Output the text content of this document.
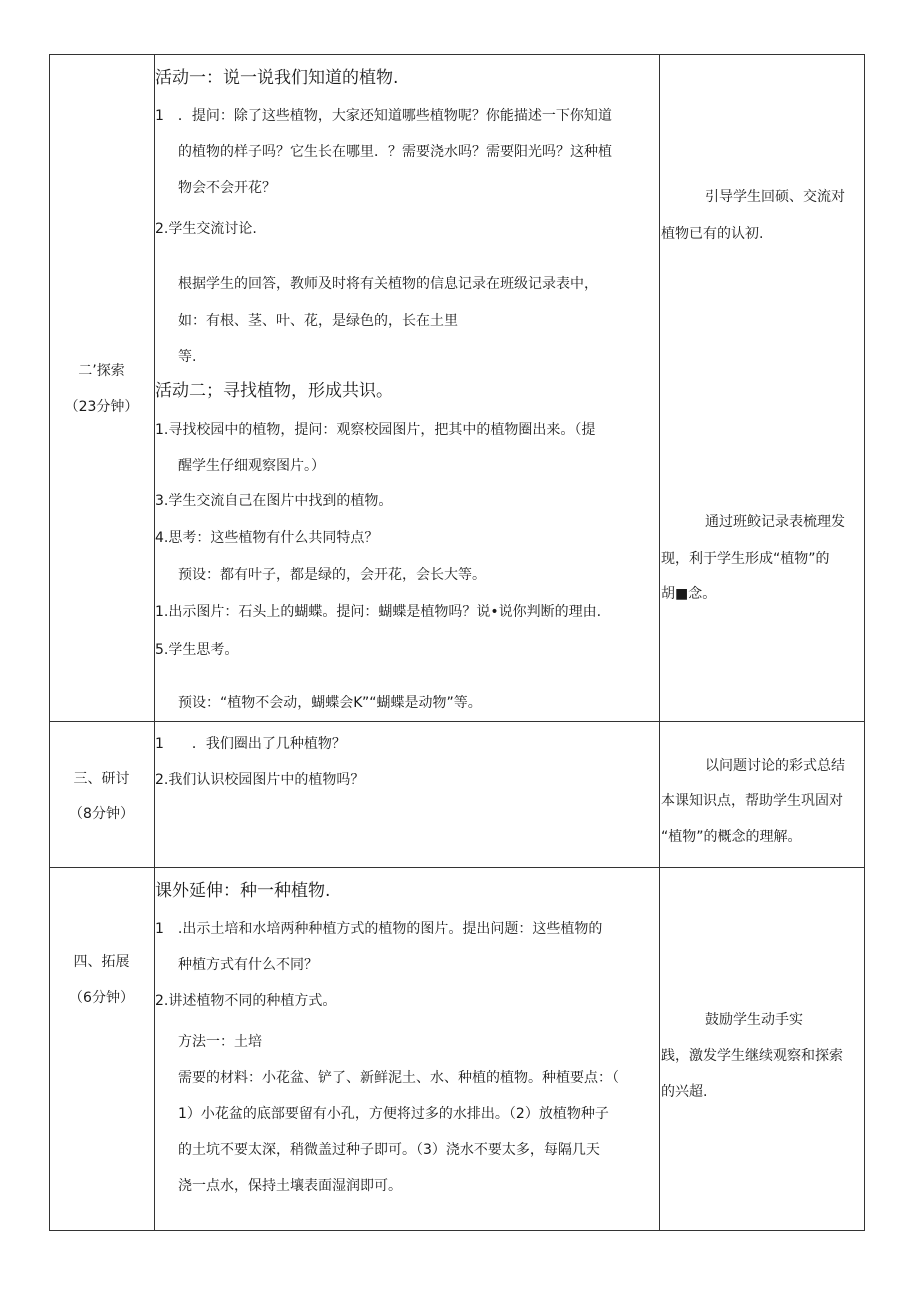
二’探索
（23分钟）
活动一：说一说我们知道的植物.
1　．提问：除了这些植物，大家还知道哪些植物呢？你能描述一下你知道
的植物的样子吗？它生长在哪里．？需要浇水吗？需要阳光吗？这种植
物会不会开花？
2.学生交流讨论.
根据学生的回答，教师及时将有关植物的信息记录在班级记录表中，
如：有根、茎、叶、花，是绿色的，长在土里
等.
活动二；寻找植物，形成共识。
1.寻找校园中的植物，提问：观察校园图片，把其中的植物圈出来。（提
醒学生仔细观察图片。）
3.学生交流自己在图片中找到的植物。
4.思考：这些植物有什么共同特点？
预设：都有叶子，都是绿的，会开花，会长大等。
1.出示图片：石头上的蝴蝶。提问：蝴蝶是植物吗？说•说你判断的理由.
5.学生思考。
预设：“植物不会动，蝴蝶会K”“蝴蝶是动物”等。
引导学生回硕、交流对
植物已有的认初.
通过班鲛记录表梳理发
现，利于学生形成“植物”的
胡■念。
三、研讨
（8分钟）
1　　．我们圈出了几种植物？
2.我们认识校园图片中的植物吗？
以问题讨论的彩式总结
本课知识点，帮助学生巩固对
“植物”的概念的理解。
四、拓展
（6分钟）
课外延伸：种一种植物.
1　.出示土培和水培两种种植方式的植物的图片。提出问题：这些植物的
种植方式有什么不同？
2.讲述植物不同的种植方式。
方法一：土培
需要的材料：小花盆、铲了、新鲜泥土、水、种植的植物。种植要点：（
1）小花盆的底部要留有小孔，方便将过多的水排出。（2）放植物种子
的土坑不要太深，稍微盖过种子即可。（3）浇水不要太多，每隔几天
浇一点水，保持土壤表面湿润即可。
鼓励学生动手实
践，激发学生继续观察和探索
的兴超.
